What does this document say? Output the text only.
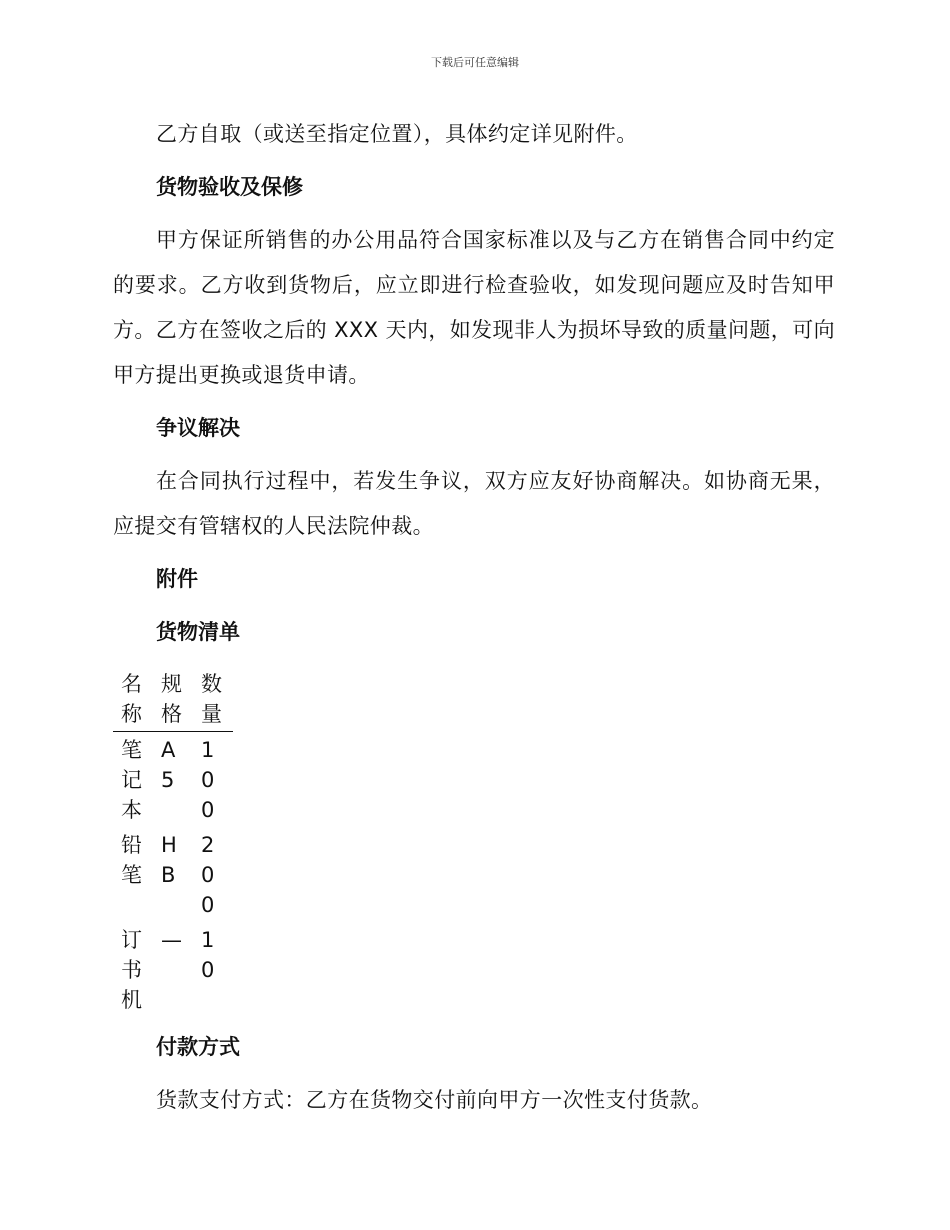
下载后可任意编辑

乙方自取（或送至指定位置），具体约定详见附件。

货物验收及保修

甲方保证所销售的办公用品符合国家标准以及与乙方在销售合同中约定的要求。乙方收到货物后，应立即进行检查验收，如发现问题应及时告知甲方。乙方在签收之后的 XXX 天内，如发现非人为损坏导致的质量问题，可向甲方提出更换或退货申请。

争议解决

在合同执行过程中，若发生争议，双方应友好协商解决。如协商无果，应提交有管辖权的人民法院仲裁。

附件
货物清单
名称	规格	数量
笔记本	A5	100
铅笔	HB	200
订书机	—	10
付款方式

货款支付方式：乙方在货物交付前向甲方一次性支付货款。
